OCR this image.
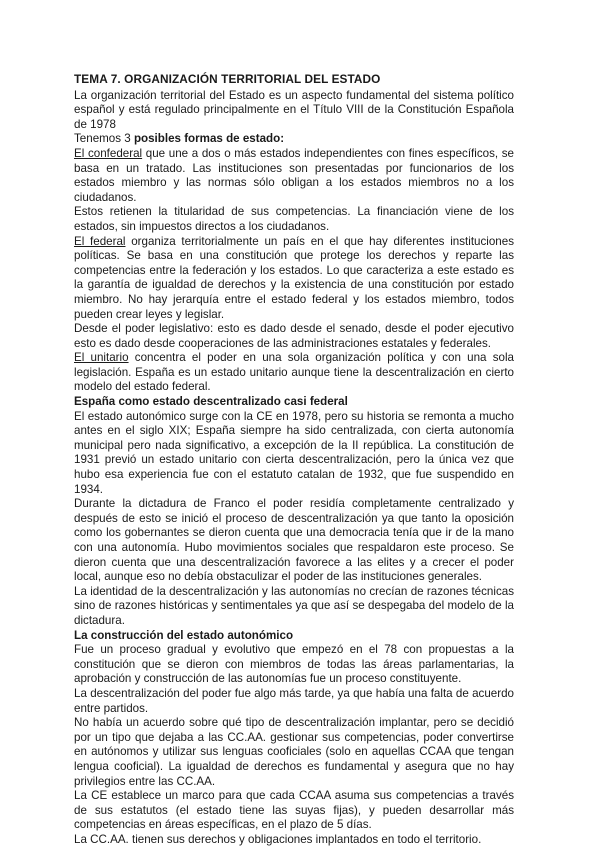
TEMA 7. ORGANIZACIÓN TERRITORIAL DEL ESTADO

La organización territorial del Estado es un aspecto fundamental del sistema político español y está regulado principalmente en el Título VIII de la Constitución Española de 1978

Tenemos 3 posibles formas de estado:

El confederal que une a dos o más estados independientes con fines específicos, se basa en un tratado. Las instituciones son presentadas por funcionarios de los estados miembro y las normas sólo obligan a los estados miembros no a los ciudadanos.

Estos retienen la titularidad de sus competencias. La financiación viene de los estados, sin impuestos directos a los ciudadanos.

El federal organiza territorialmente un país en el que hay diferentes instituciones políticas. Se basa en una constitución que protege los derechos y reparte las competencias entre la federación y los estados. Lo que caracteriza a este estado es la garantía de igualdad de derechos y la existencia de una constitución por estado miembro. No hay jerarquía entre el estado federal y los estados miembro, todos pueden crear leyes y legislar.

Desde el poder legislativo: esto es dado desde el senado, desde el poder ejecutivo esto es dado desde cooperaciones de las administraciones estatales y federales.

El unitario concentra el poder en una sola organización política y con una sola legislación. España es un estado unitario aunque tiene la descentralización en cierto modelo del estado federal.

España como estado descentralizado casi federal

El estado autonómico surge con la CE en 1978, pero su historia se remonta a mucho antes en el siglo XIX; España siempre ha sido centralizada, con cierta autonomía municipal pero nada significativo, a excepción de la II república. La constitución de 1931 previó un estado unitario con cierta descentralización, pero la única vez que hubo esa experiencia fue con el estatuto catalan de 1932, que fue suspendido en 1934.

Durante la dictadura de Franco el poder residía completamente centralizado y después de esto se inició el proceso de descentralización ya que tanto la oposición como los gobernantes se dieron cuenta que una democracia tenía que ir de la mano con una autonomía. Hubo movimientos sociales que respaldaron este proceso. Se dieron cuenta que una descentralización favorece a las elites y a crecer el poder local, aunque eso no debía obstaculizar el poder de las instituciones generales.

La identidad de la descentralización y las autonomías no crecían de razones técnicas sino de razones históricas y sentimentales ya que así se despegaba del modelo de la dictadura.

La construcción del estado autonómico

Fue un proceso gradual y evolutivo que empezó en el 78 con propuestas a la constitución que se dieron con miembros de todas las áreas parlamentarias, la aprobación y construcción de las autonomías fue un proceso constituyente.

La descentralización del poder fue algo más tarde, ya que había una falta de acuerdo entre partidos.

No había un acuerdo sobre qué tipo de descentralización implantar, pero se decidió por un tipo que dejaba a las CC.AA. gestionar sus competencias, poder convertirse en autónomos y utilizar sus lenguas cooficiales (solo en aquellas CCAA que tengan lengua cooficial). La igualdad de derechos es fundamental y asegura que no hay privilegios entre las CC.AA.

La CE establece un marco para que cada CCAA asuma sus competencias a través de sus estatutos (el estado tiene las suyas fijas), y pueden desarrollar más competencias en áreas específicas, en el plazo de 5 días.

La CC.AA. tienen sus derechos y obligaciones implantados en todo el territorio.
